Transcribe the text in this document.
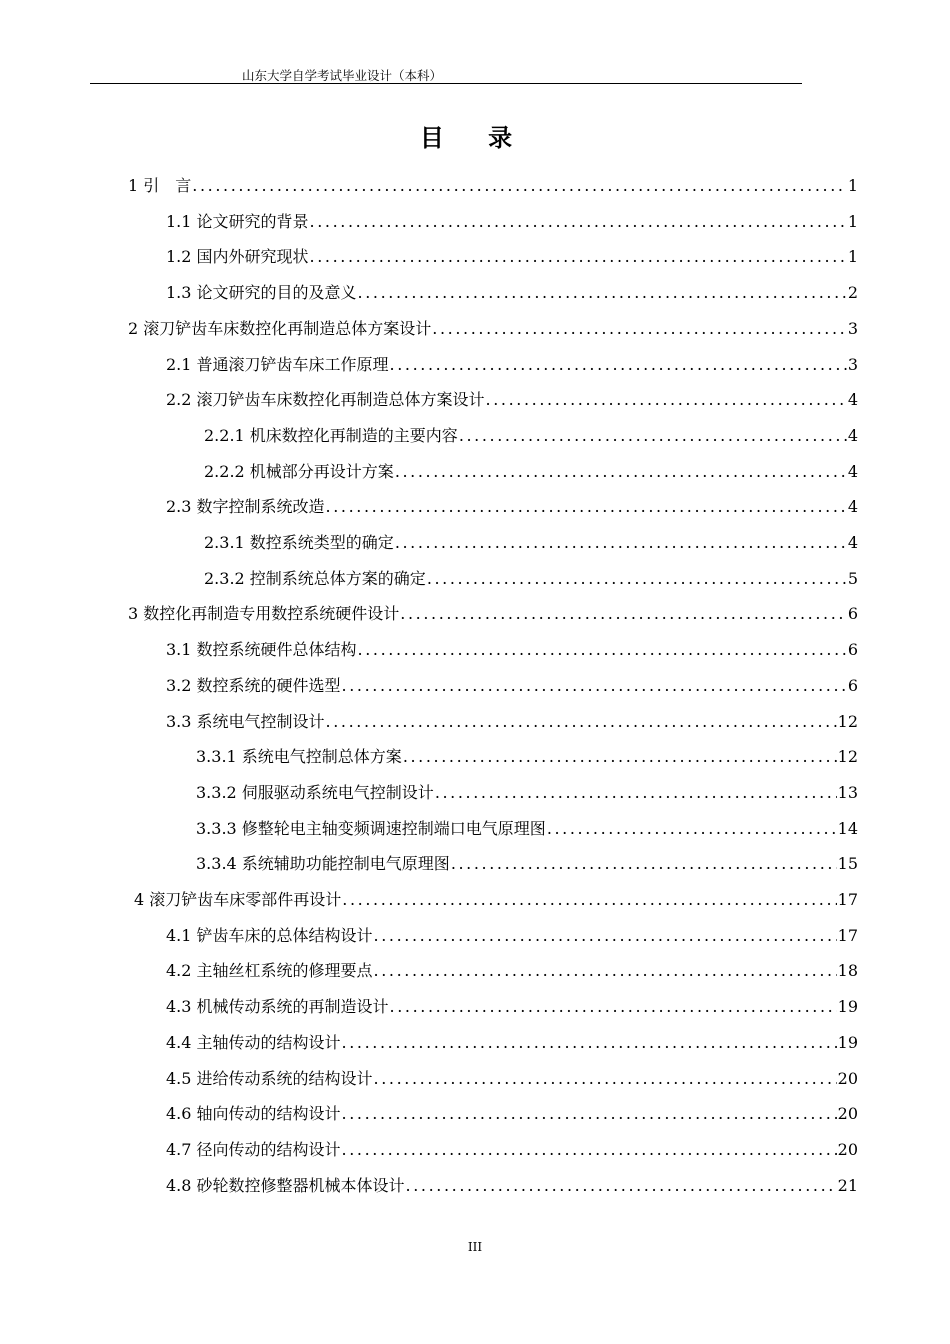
山东大学自学考试毕业设计（本科）
目 录
1 引　言 .....	1
1.1 论文研究的背景 .....	1
1.2 国内外研究现状 .....	1
1.3 论文研究的目的及意义 .....	2
2 滚刀铲齿车床数控化再制造总体方案设计 .....	3
2.1 普通滚刀铲齿车床工作原理 .....	3
2.2 滚刀铲齿车床数控化再制造总体方案设计 .....	4
2.2.1 机床数控化再制造的主要内容 .....	4
2.2.2 机械部分再设计方案 .....	4
2.3 数字控制系统改造 .....	4
2.3.1 数控系统类型的确定 .....	4
2.3.2 控制系统总体方案的确定 .....	5
3 数控化再制造专用数控系统硬件设计 .....	6
3.1 数控系统硬件总体结构 .....	6
3.2 数控系统的硬件选型 .....	6
3.3 系统电气控制设计 .....	12
3.3.1 系统电气控制总体方案 .....	12
3.3.2 伺服驱动系统电气控制设计 .....	13
3.3.3 修整轮电主轴变频调速控制端口电气原理图 .....	14
3.3.4 系统辅助功能控制电气原理图 .....	15
4 滚刀铲齿车床零部件再设计 .....	17
4.1 铲齿车床的总体结构设计 .....	17
4.2 主轴丝杠系统的修理要点 .....	18
4.3 机械传动系统的再制造设计 .....	19
4.4 主轴传动的结构设计 .....	19
4.5 进给传动系统的结构设计 .....	20
4.6 轴向传动的结构设计 .....	20
4.7 径向传动的结构设计 .....	20
4.8 砂轮数控修整器机械本体设计 .....	21
III
